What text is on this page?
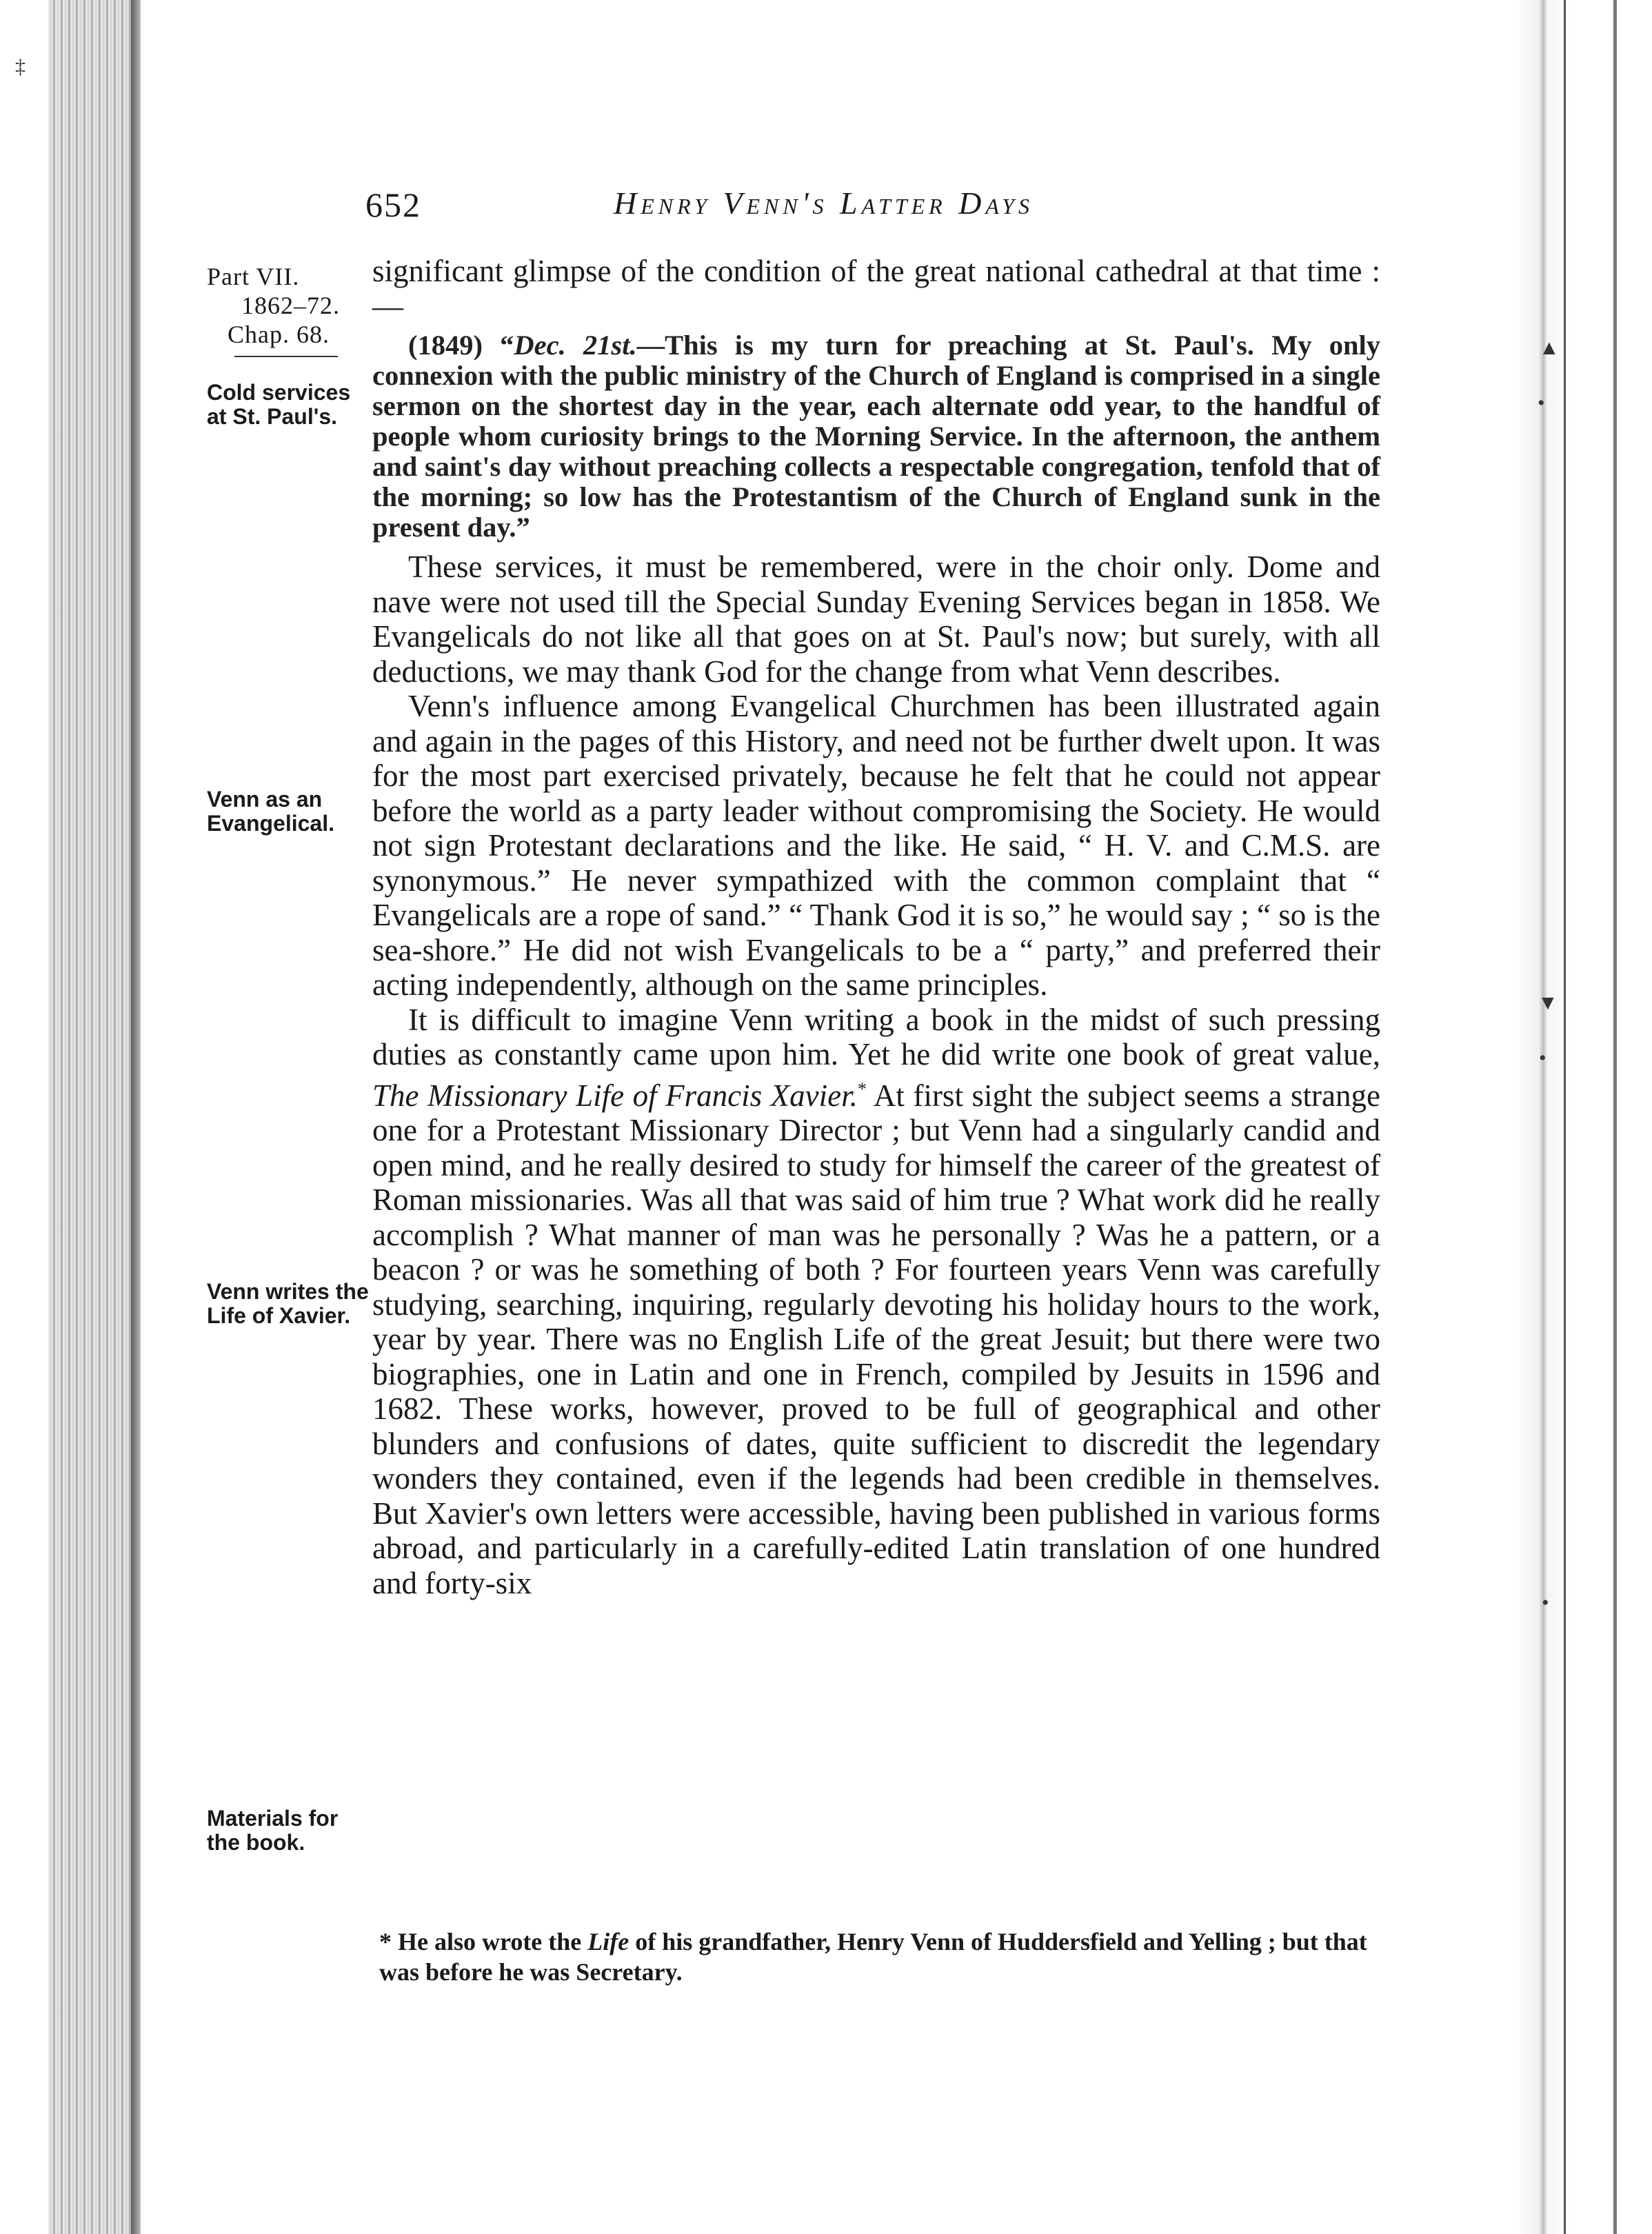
‡
▲
•
▼
•
•
652	Henry Venn's Latter Days
Part VII.
1862–72.
Chap. 68.
Cold services at St. Paul's.
Venn as an Evangelical.
Venn writes the Life of Xavier.
Materials for the book.

significant glimpse of the condition of the great national cathedral at that time :—

(1849) “Dec. 21st.—This is my turn for preaching at St. Paul's. My only connexion with the public ministry of the Church of England is comprised in a single sermon on the shortest day in the year, each alternate odd year, to the handful of people whom curiosity brings to the Morning Service. In the afternoon, the anthem and saint's day without preaching collects a respectable congregation, tenfold that of the morning; so low has the Protestantism of the Church of England sunk in the present day.”

These services, it must be remembered, were in the choir only. Dome and nave were not used till the Special Sunday Evening Services began in 1858. We Evangelicals do not like all that goes on at St. Paul's now; but surely, with all deductions, we may thank God for the change from what Venn describes.

Venn's influence among Evangelical Churchmen has been illustrated again and again in the pages of this History, and need not be further dwelt upon. It was for the most part exercised privately, because he felt that he could not appear before the world as a party leader without compromising the Society. He would not sign Protestant declarations and the like. He said, “ H. V. and C.M.S. are synonymous.” He never sympathized with the common complaint that “ Evangelicals are a rope of sand.” “ Thank God it is so,” he would say ; “ so is the sea-shore.” He did not wish Evangelicals to be a “ party,” and preferred their acting independently, although on the same principles.

It is difficult to imagine Venn writing a book in the midst of such pressing duties as constantly came upon him. Yet he did write one book of great value, The Missionary Life of Francis Xavier.* At first sight the subject seems a strange one for a Protestant Missionary Director ; but Venn had a singularly candid and open mind, and he really desired to study for himself the career of the greatest of Roman missionaries. Was all that was said of him true ? What work did he really accomplish ? What manner of man was he personally ? Was he a pattern, or a beacon ? or was he something of both ? For fourteen years Venn was carefully studying, searching, inquiring, regularly devoting his holiday hours to the work, year by year. There was no English Life of the great Jesuit; but there were two biographies, one in Latin and one in French, compiled by Jesuits in 1596 and 1682. These works, however, proved to be full of geographical and other blunders and confusions of dates, quite sufficient to discredit the legendary wonders they contained, even if the legends had been credible in themselves. But Xavier's own letters were accessible, having been published in various forms abroad, and particularly in a carefully-edited Latin translation of one hundred and forty-six

* He also wrote the Life of his grandfather, Henry Venn of Huddersfield and Yelling ; but that was before he was Secretary.
